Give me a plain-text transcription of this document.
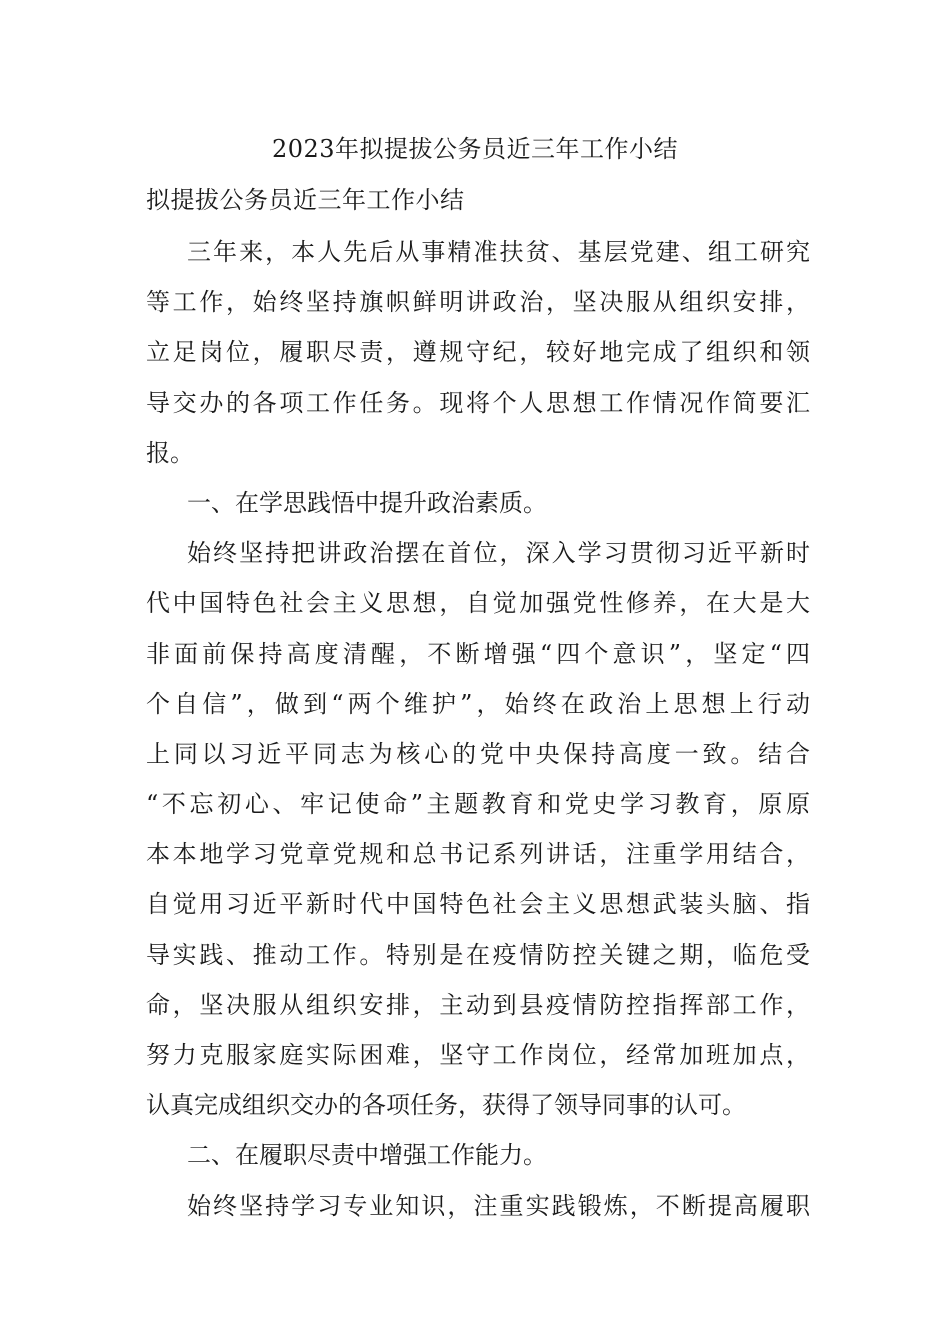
2023年拟提拔公务员近三年工作小结
拟提拔公务员近三年工作小结
三年来，本人先后从事精准扶贫、基层党建、组工研究
等工作，始终坚持旗帜鲜明讲政治，坚决服从组织安排，
立足岗位，履职尽责，遵规守纪，较好地完成了组织和领
导交办的各项工作任务。现将个人思想工作情况作简要汇
报。
一、在学思践悟中提升政治素质。
始终坚持把讲政治摆在首位，深入学习贯彻习近平新时
代中国特色社会主义思想，自觉加强党性修养，在大是大
非面前保持高度清醒，不断增强“四个意识”，坚定“四
个自信”，做到“两个维护”，始终在政治上思想上行动
上同以习近平同志为核心的党中央保持高度一致。结合
“不忘初心、牢记使命”主题教育和党史学习教育，原原
本本地学习党章党规和总书记系列讲话，注重学用结合，
自觉用习近平新时代中国特色社会主义思想武装头脑、指
导实践、推动工作。特别是在疫情防控关键之期，临危受
命，坚决服从组织安排，主动到县疫情防控指挥部工作，
努力克服家庭实际困难，坚守工作岗位，经常加班加点，
认真完成组织交办的各项任务，获得了领导同事的认可。
二、在履职尽责中增强工作能力。
始终坚持学习专业知识，注重实践锻炼，不断提高履职
